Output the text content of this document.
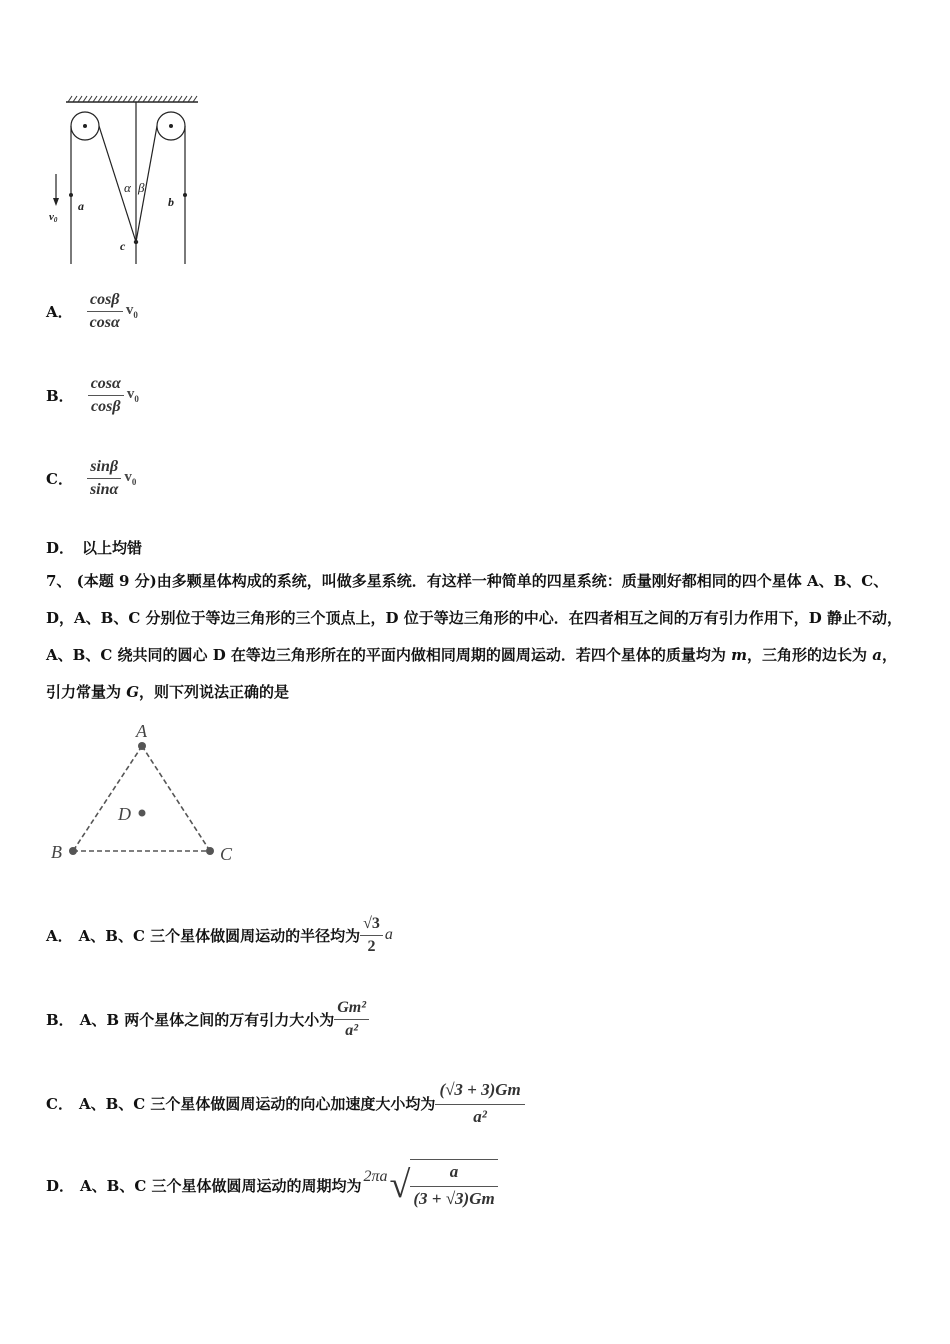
v0
a	b
c
α β
A． $\frac{\cos\beta}{\cos\alpha} v_0$
B． $\frac{\cos\alpha}{\cos\beta} v_0$
C． $\frac{\sin\beta}{\sin\alpha} v_0$
D． 以上均错
7、 (本题 9 分)由多颗星体构成的系统，叫做多星系统．有这样一种简单的四星系统：质量刚好都相同的四个星体 A、B、C、D，A、B、C 分别位于等边三角形的三个顶点上，D 位于等边三角形的中心．在四者相互之间的万有引力作用下，D 静止不动，A、B、C 绕共同的圆心 D 在等边三角形所在的平面内做相同周期的圆周运动．若四个星体的质量均为 m，三角形的边长为 a，引力常量为 G，则下列说法正确的是
A
B	C
D
A． A、B、C 三个星体做圆周运动的半径均为 $\frac{√3}{2}$ a
B． A、B 两个星体之间的万有引力大小为 $\frac{\text{Gm²}}{\text{a²}}$
C． A、B、C 三个星体做圆周运动的向心加速度大小均为 $\frac{(√3 + 3)Gm}{\text{a²}}$
D． A、B、C 三个星体做圆周运动的周期均为 2πa √ $\frac{a}{(3 + √3)Gm}$
